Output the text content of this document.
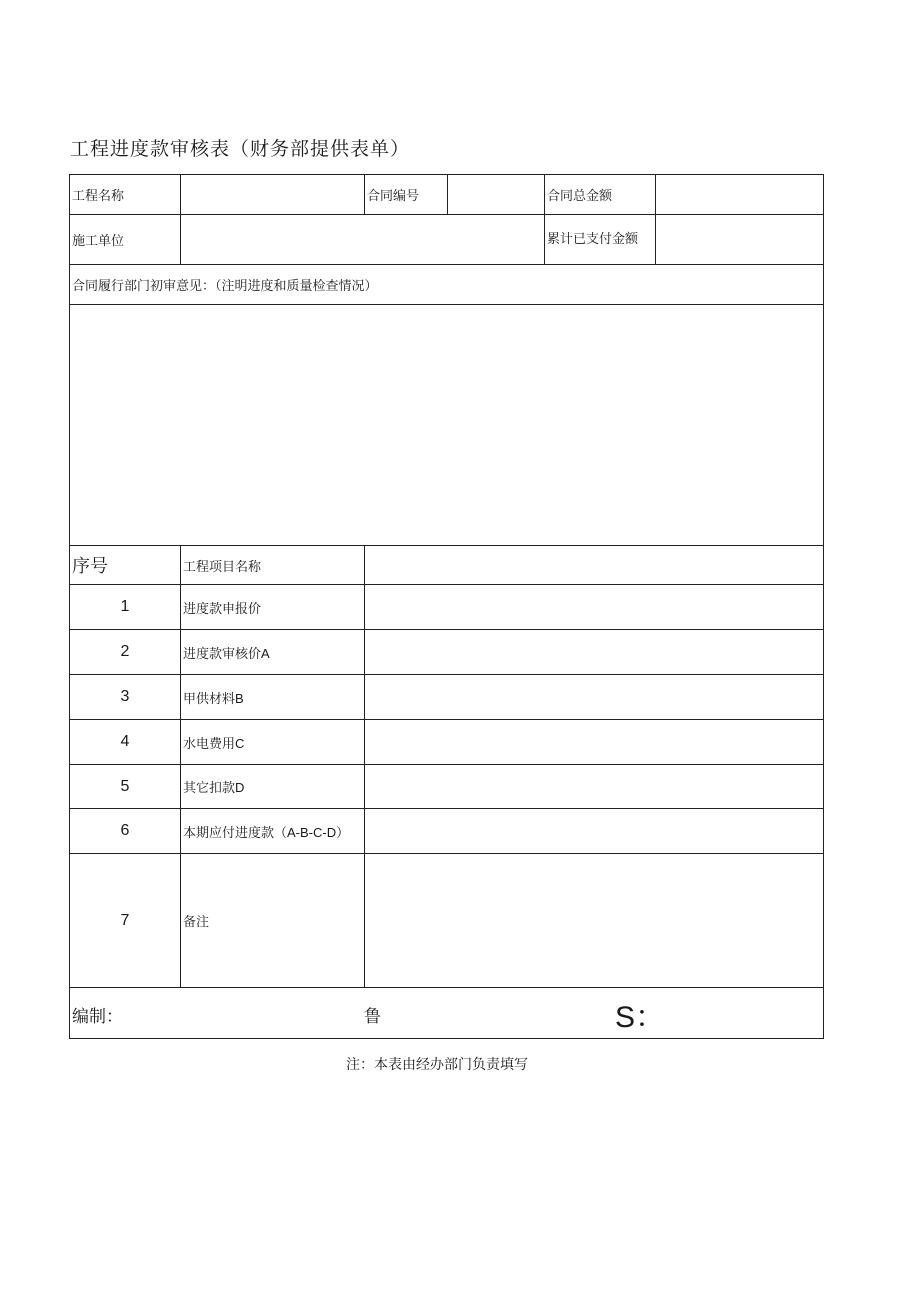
工程进度款审核表（财务部提供表单）
工程名称		合同编号		合同总金额	
施工单位				累计已支付金额	
合同履行部门初审意见：（注明进度和质量检查情况）					

序号	工程项目名称				
1	进度款申报价				
2	进度款审核价A				
3	甲供材料B				
4	水电费用C				
5	其它扣款D				
6	本期应付进度款（A-B-C-D）				
7	备注				

编制： 鲁 S：					
注：本表由经办部门负责填写
